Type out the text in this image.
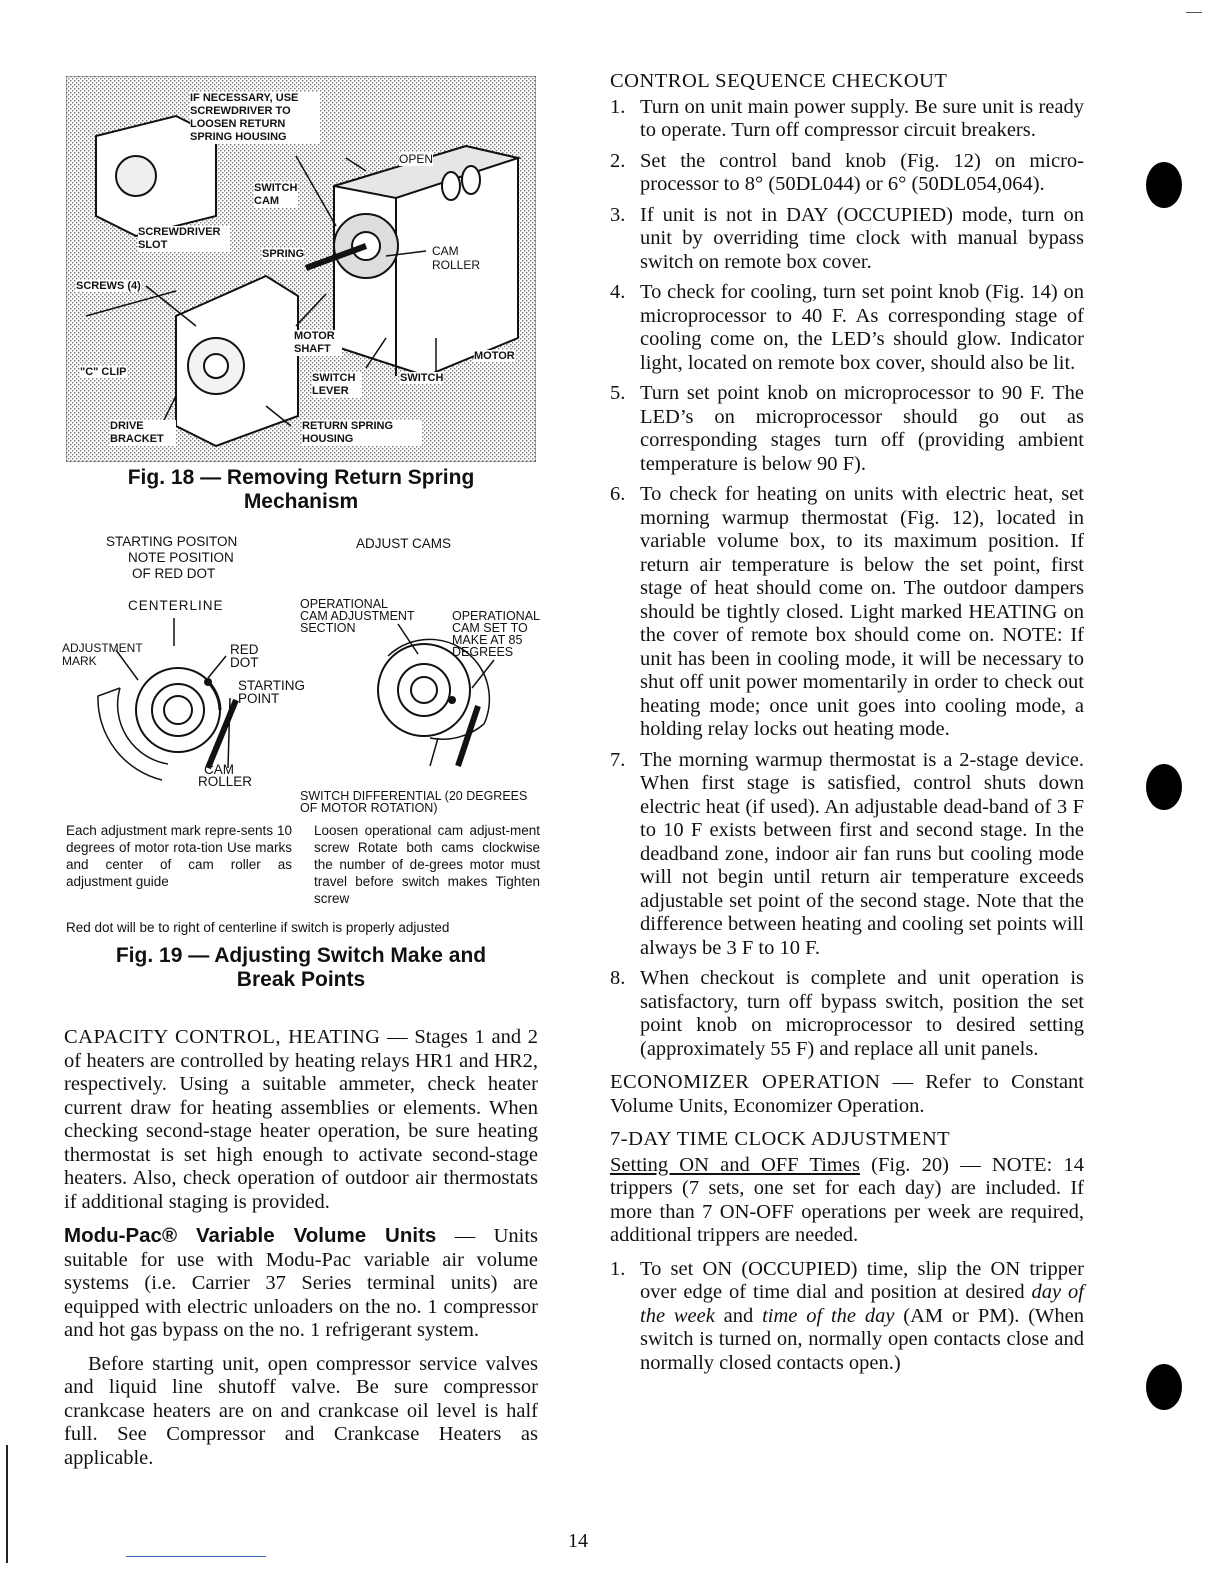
IF NECESSARY, USE SCREWDRIVER TO LOOSEN RETURN SPRING HOUSING
OPEN
SWITCH CAM
SCREWDRIVER SLOT
SPRING	CAM ROLLER
SCREWS (4)
MOTOR SHAFT
MOTOR
"C" CLIP	SWITCH LEVER
SWITCH
DRIVE BRACKET
RETURN SPRING HOUSING
Fig. 18 — Removing Return Spring
Mechanism
STARTING POSITON
NOTE POSITION
OF RED DOT
ADJUST CAMS
CENTERLINE
ADJUSTMENT
MARK
RED
DOT
STARTING
POINT
CAM
ROLLER
OPERATIONAL
CAM ADJUSTMENT
SECTION
OPERATIONAL
CAM SET TO
MAKE AT 85
DEGREES
SWITCH DIFFERENTIAL (20 DEGREES
OF MOTOR ROTATION)
Each adjustment mark repre-sents 10 degrees of motor rota-tion Use marks and center of cam roller as adjustment guide
Loosen operational cam adjust-ment screw Rotate both cams clockwise the number of de-grees motor must travel before switch makes Tighten screw
Red dot will be to right of centerline if switch is properly adjusted
Fig. 19 — Adjusting Switch Make and
Break Points

CAPACITY CONTROL, HEATING — Stages 1 and 2 of heaters are controlled by heating relays HR1 and HR2, respectively. Using a suitable ammeter, check heater current draw for heating assemblies or elements. When checking second-stage heater operation, be sure heating thermostat is set high enough to activate second-stage heaters. Also, check operation of outdoor air thermostats if additional staging is provided.

Modu-Pac® Variable Volume Units — Units suitable for use with Modu-Pac variable air volume systems (i.e. Carrier 37 Series terminal units) are equipped with electric unloaders on the no. 1 compressor and hot gas bypass on the no. 1 refrigerant system.

Before starting unit, open compressor service valves and liquid line shutoff valve. Be sure compressor crankcase heaters are on and crankcase oil level is half full. See Compressor and Crankcase Heaters as applicable.

CONTROL SEQUENCE CHECKOUT
1. Turn on unit main power supply. Be sure unit is ready to operate. Turn off compressor circuit breakers.
2. Set the control band knob (Fig. 12) on micro-processor to 8° (50DL044) or 6° (50DL054,064).
3. If unit is not in DAY (OCCUPIED) mode, turn on unit by overriding time clock with manual bypass switch on remote box cover.
4. To check for cooling, turn set point knob (Fig. 14) on microprocessor to 40 F. As corresponding stage of cooling come on, the LED’s should glow. Indicator light, located on remote box cover, should also be lit.
5. Turn set point knob on microprocessor to 90 F. The LED’s on microprocessor should go out as corresponding stages turn off (providing ambient temperature is below 90 F).
6. To check for heating on units with electric heat, set morning warmup thermostat (Fig. 12), located in variable volume box, to its maximum position. If return air temperature is below the set point, first stage of heat should come on. The outdoor dampers should be tightly closed. Light marked HEATING on the cover of remote box should come on. NOTE: If unit has been in cooling mode, it will be necessary to shut off unit power momentarily in order to check out heating mode; once unit goes into cooling mode, a holding relay locks out heating mode.
7. The morning warmup thermostat is a 2-stage device. When first stage is satisfied, control shuts down electric heat (if used). An adjustable dead-band of 3 F to 10 F exists between first and second stage. In the deadband zone, indoor air fan runs but cooling mode will not begin until return air temperature exceeds adjustable set point of the second stage. Note that the difference between heating and cooling set points will always be 3 F to 10 F.
8. When checkout is complete and unit operation is satisfactory, turn off bypass switch, position the set point knob on microprocessor to desired setting (approximately 55 F) and replace all unit panels.

ECONOMIZER OPERATION — Refer to Constant Volume Units, Economizer Operation.

7-DAY TIME CLOCK ADJUSTMENT

Setting ON and OFF Times (Fig. 20) — NOTE: 14 trippers (7 sets, one set for each day) are included. If more than 7 ON-OFF operations per week are required, additional trippers are needed.

1. To set ON (OCCUPIED) time, slip the ON tripper over edge of time dial and position at desired day of the week and time of the day (AM or PM). (When switch is turned on, normally open contacts close and normally closed contacts open.)
14
